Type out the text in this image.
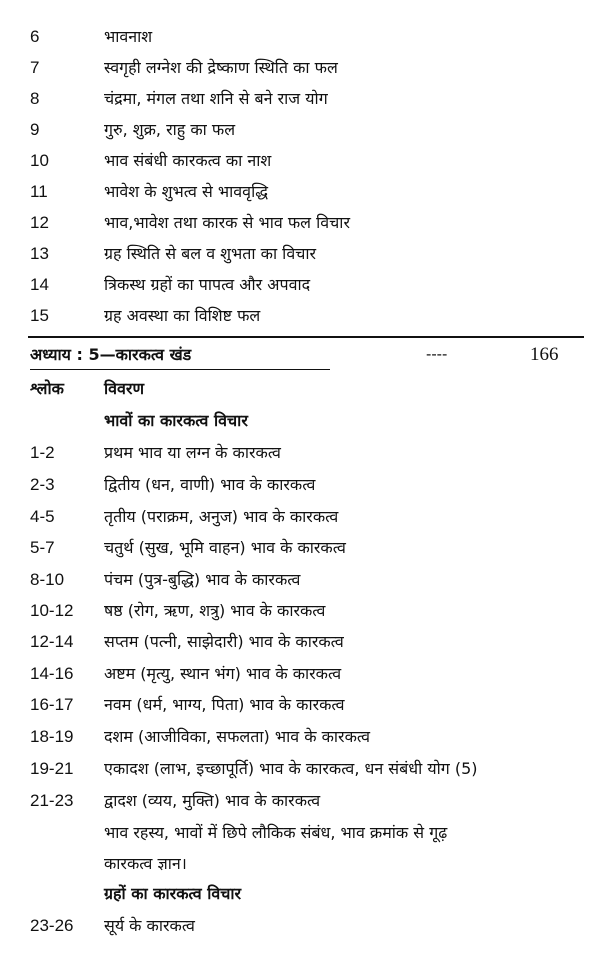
6	भावनाश
7	स्वगृही लग्नेश की द्रेष्काण स्थिति का फल
8	चंद्रमा, मंगल तथा शनि से बने राज योग
9	गुरु, शुक्र, राहु का फल
10	भाव संबंधी कारकत्व का नाश
11	भावेश के शुभत्व से भाववृद्धि
12	भाव,भावेश तथा कारक से भाव फल विचार
13	ग्रह स्थिति से बल व शुभता का विचार
14	त्रिकस्थ ग्रहों का पापत्व और अपवाद
15	ग्रह अवस्था का विशिष्ट फल
अध्याय : 5—कारकत्व खंड	----	166
श्लोक	विवरण
भावों का कारकत्व विचार
1-2	प्रथम भाव या लग्न के कारकत्व
2-3	द्वितीय (धन, वाणी) भाव के कारकत्व
4-5	तृतीय (पराक्रम, अनुज) भाव के कारकत्व
5-7	चतुर्थ (सुख, भूमि वाहन) भाव के कारकत्व
8-10	पंचम (पुत्र-बुद्धि) भाव के कारकत्व
10-12	षष्ठ (रोग, ऋण, शत्रु) भाव के कारकत्व
12-14	सप्तम (पत्नी, साझेदारी) भाव के कारकत्व
14-16	अष्टम (मृत्यु, स्थान भंग) भाव के कारकत्व
16-17	नवम (धर्म, भाग्य, पिता) भाव के कारकत्व
18-19	दशम (आजीविका, सफलता) भाव के कारकत्व
19-21	एकादश (लाभ, इच्छापूर्ति) भाव के कारकत्व, धन संबंधी योग (5)
21-23	द्वादश (व्यय, मुक्ति) भाव के कारकत्व
भाव रहस्य, भावों में छिपे लौकिक संबंध, भाव क्रमांक से गूढ़
कारकत्व ज्ञान।
ग्रहों का कारकत्व विचार
23-26	सूर्य के कारकत्व
